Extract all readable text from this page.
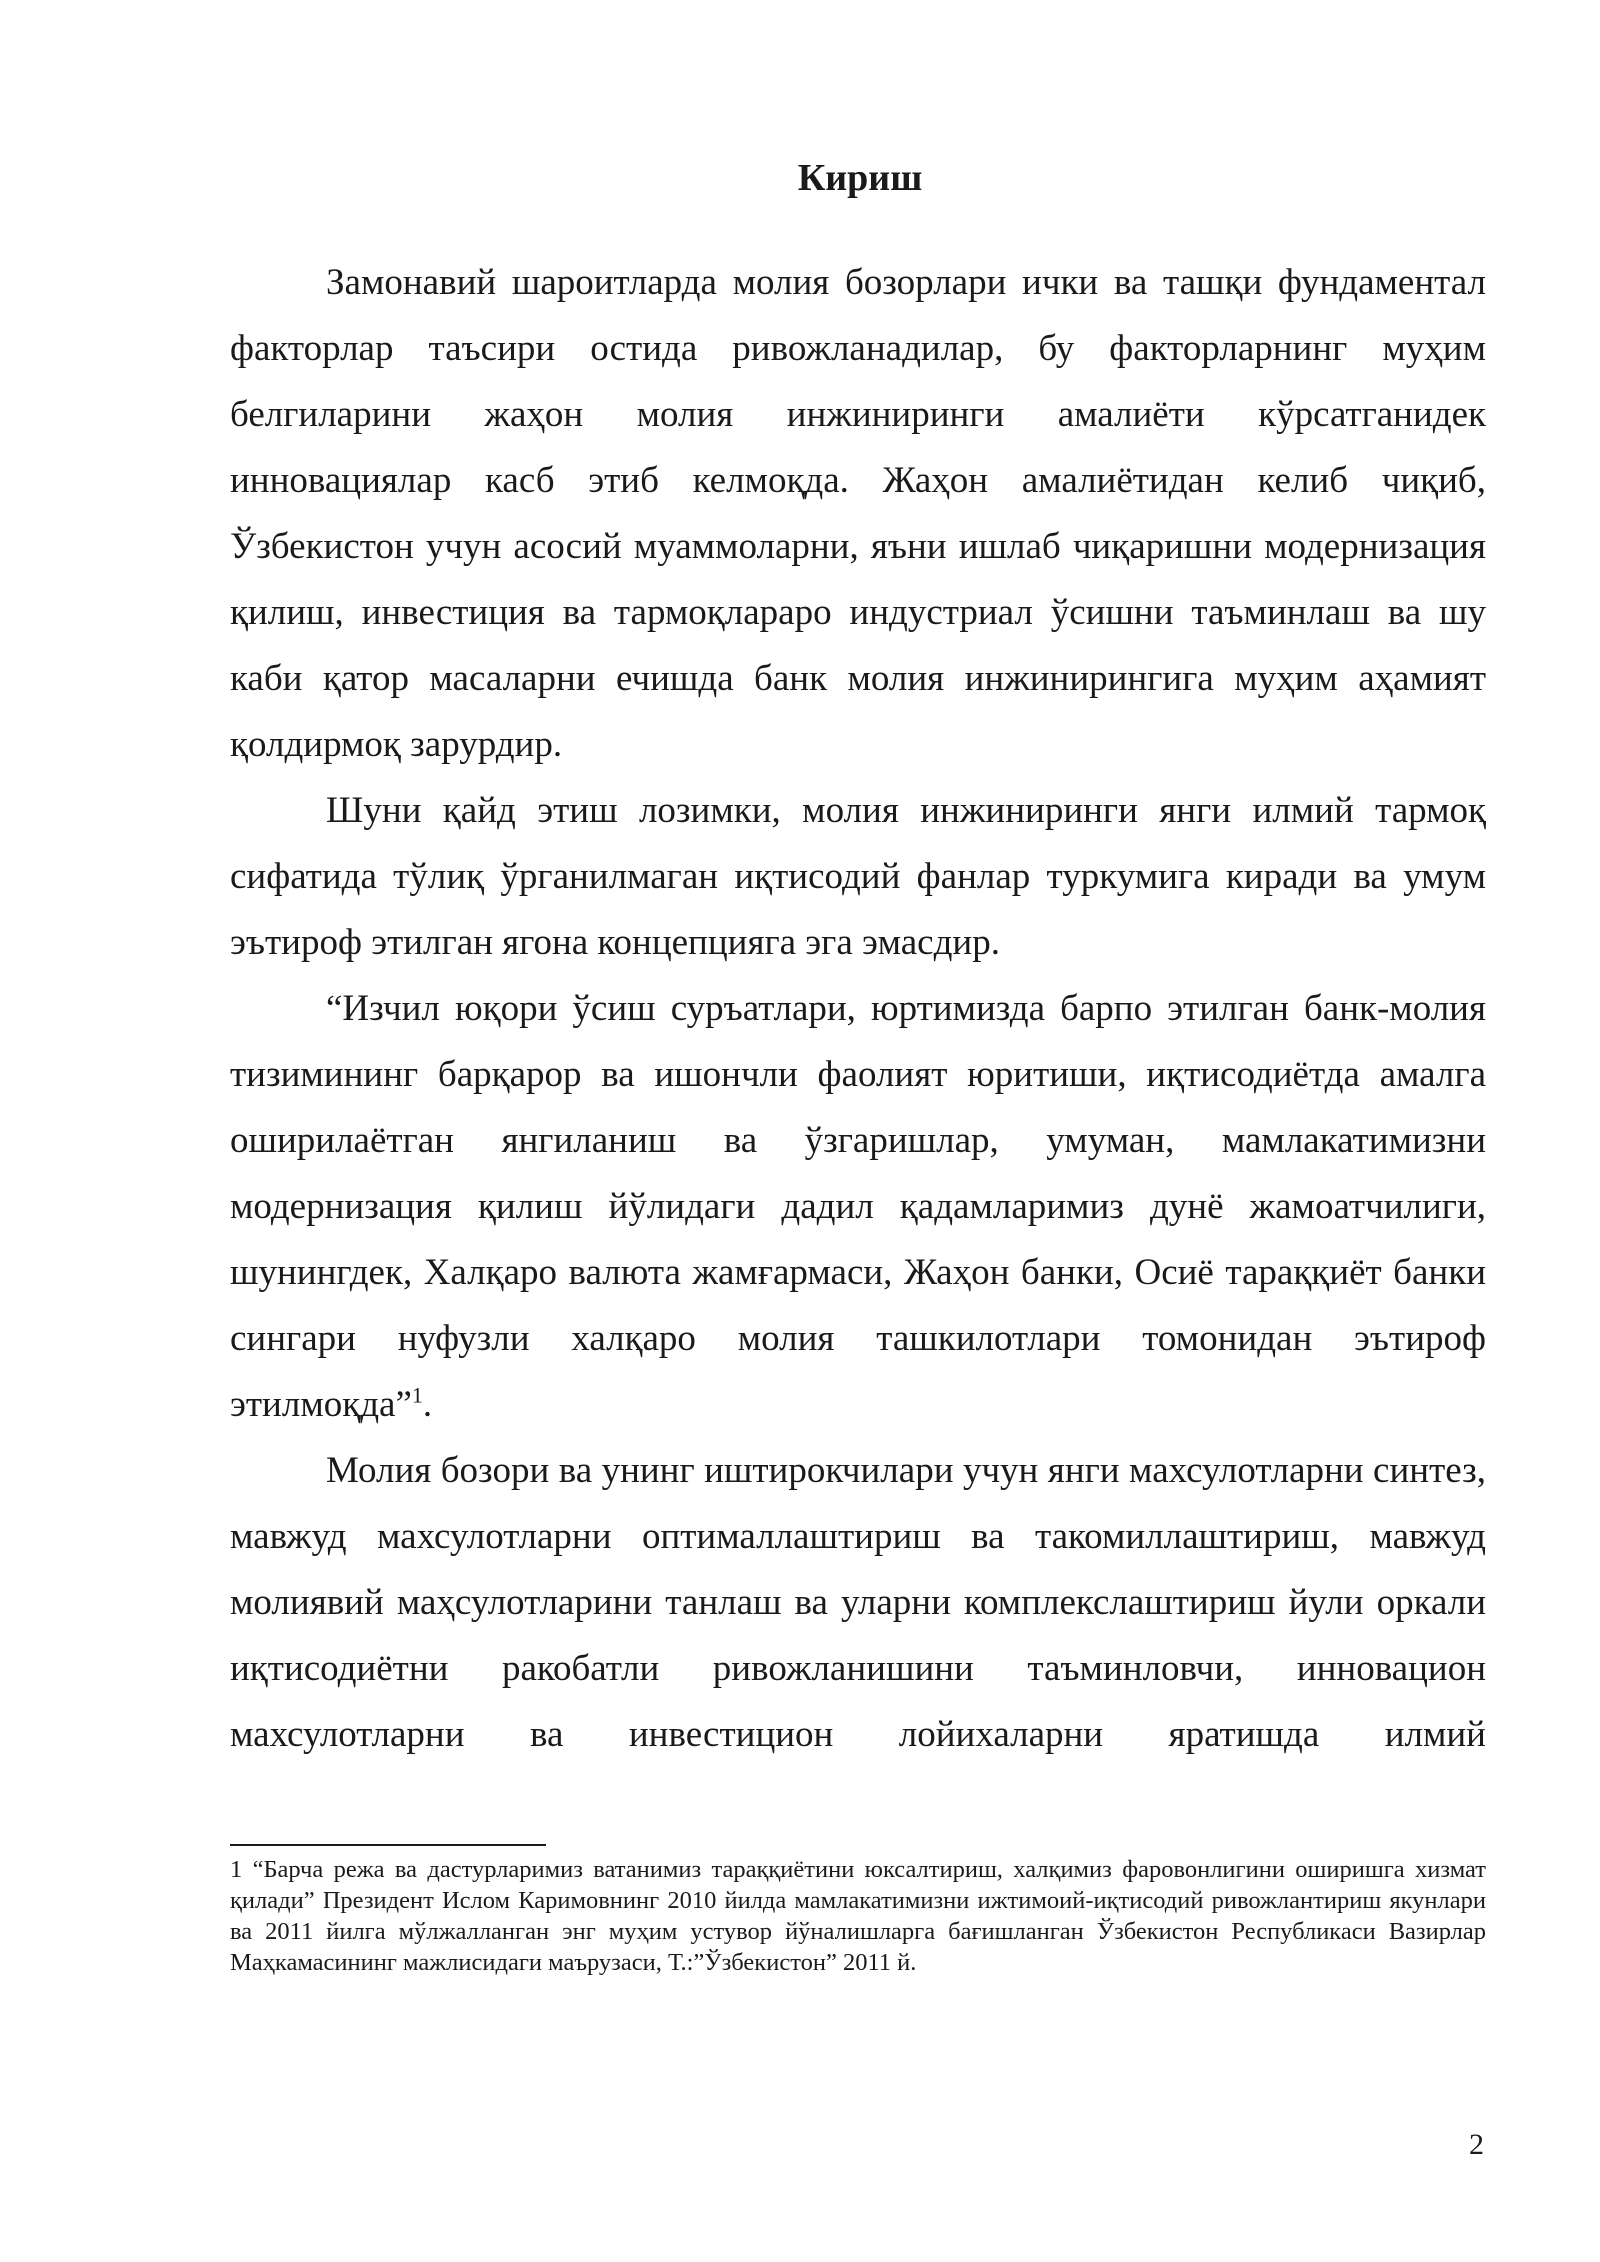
Кириш

Замонавий шароитларда молия бозорлари ички ва ташқи фундаментал факторлар таъсири остида ривожланадилар, бу факторларнинг муҳим белгиларини жаҳон молия инжиниринги амалиёти кўрсатганидек инновациялар касб этиб келмоқда. Жаҳон амалиётидан келиб чиқиб, Ўзбекистон учун асосий муаммоларни, яъни ишлаб чиқаришни модернизация қилиш, инвестиция ва тармоқлараро индустриал ўсишни таъминлаш ва шу каби қатор масаларни ечишда банк молия инжинирингига муҳим аҳамият қолдирмоқ зарурдир.

Шуни қайд этиш лозимки, молия инжиниринги янги илмий тармоқ сифатида тўлиқ ўрганилмаган иқтисодий фанлар туркумига киради ва умум эътироф этилган ягона концепцияга эга эмасдир.

“Изчил юқори ўсиш суръатлари, юртимизда барпо этилган банк-молия тизимининг барқарор ва ишончли фаолият юритиши, иқтисодиётда амалга оширилаётган янгиланиш ва ўзгаришлар, умуман, мамлакатимизни модернизация қилиш йўлидаги дадил қадамларимиз дунё жамоатчилиги, шунингдек, Халқаро валюта жамғармаси, Жаҳон банки, Осиё тараққиёт банки сингари нуфузли халқаро молия ташкилотлари томонидан эътироф этилмоқда”$^1$.

Молия бозори ва унинг иштирокчилари учун янги махсулотларни синтез, мавжуд махсулотларни оптималлаштириш ва такомиллаштириш, мавжуд молиявий маҳсулотларини танлаш ва уларни комплекслаштириш йули оркали иқтисодиётни ракобатли ривожланишини таъминловчи, инновацион махсулотларни ва инвестицион лойихаларни яратишда илмий

1 “Барча режа ва дастурларимиз ватанимиз тараққиётини юксалтириш, халқимиз фаровонлигини оширишга хизмат қилади” Президент Ислом Каримовнинг 2010 йилда мамлакатимизни ижтимоий-иқтисодий ривожлантириш якунлари ва 2011 йилга мўлжалланган энг муҳим устувор йўналишларга бағишланган Ўзбекистон Республикаси Вазирлар Маҳкамасининг мажлисидаги маърузаси, Т.:”Ўзбекистон” 2011 й.

2
